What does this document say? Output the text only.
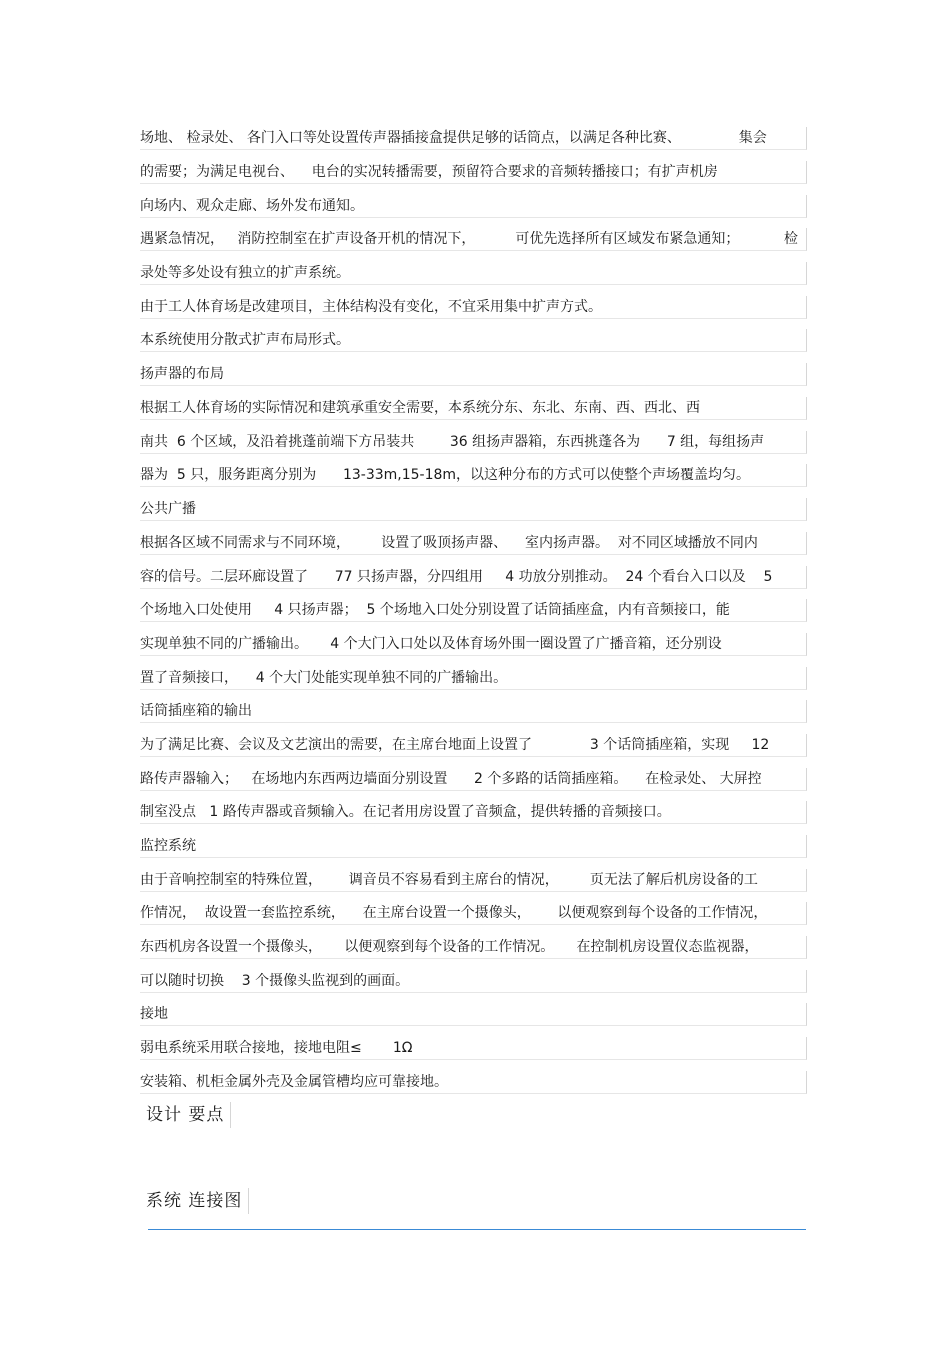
场地、 检录处、 各门入口等处设置传声器插接盒提供足够的话筒点，以满足各种比赛、             集会
的需要；为满足电视台、    电台的实况转播需要，预留符合要求的音频转播接口；有扩声机房
向场内、观众走廊、场外发布通知。
遇紧急情况，   消防控制室在扩声设备开机的情况下，         可优先选择所有区域发布紧急通知；          检
录处等多处设有独立的扩声系统。
由于工人体育场是改建项目，主体结构没有变化，不宜采用集中扩声方式。
本系统使用分散式扩声布局形式。
扬声器的布局
根据工人体育场的实际情况和建筑承重安全需要，本系统分东、东北、东南、西、西北、西
南共  6 个区域，及沿着挑蓬前端下方吊装共        36 组扬声器箱，东西挑蓬各为      7 组，每组扬声
器为  5 只，服务距离分别为      13-33m,15-18m，以这种分布的方式可以使整个声场覆盖均匀。
公共广播
根据各区域不同需求与不同环境，       设置了吸顶扬声器、    室内扬声器。  对不同区域播放不同内
容的信号。二层环廊设置了      77 只扬声器，分四组用     4 功放分别推动。  24 个看台入口以及    5
个场地入口处使用     4 只扬声器；  5 个场地入口处分别设置了话筒插座盒，内有音频接口，能
实现单独不同的广播输出。     4 个大门入口处以及体育场外围一圈设置了广播音箱，还分别设
置了音频接口，    4 个大门处能实现单独不同的广播输出。
话筒插座箱的输出
为了满足比赛、会议及文艺演出的需要，在主席台地面上设置了             3 个话筒插座箱，实现     12
路传声器输入；   在场地内东西两边墙面分别设置      2 个多路的话筒插座箱。    在检录处、 大屏控
制室没点   1 路传声器或音频输入。在记者用房设置了音频盒，提供转播的音频接口。
监控系统
由于音响控制室的特殊位置，      调音员不容易看到主席台的情况，       页无法了解后机房设备的工
作情况，  故设置一套监控系统，    在主席台设置一个摄像头，      以便观察到每个设备的工作情况，
东西机房各设置一个摄像头，     以便观察到每个设备的工作情况。     在控制机房设置仪态监视器，
可以随时切换    3 个摄像头监视到的画面。
接地
弱电系统采用联合接地，接地电阻≤       1Ω
安装箱、机柜金属外壳及金属管槽均应可靠接地。
设计 要点
系统 连接图
